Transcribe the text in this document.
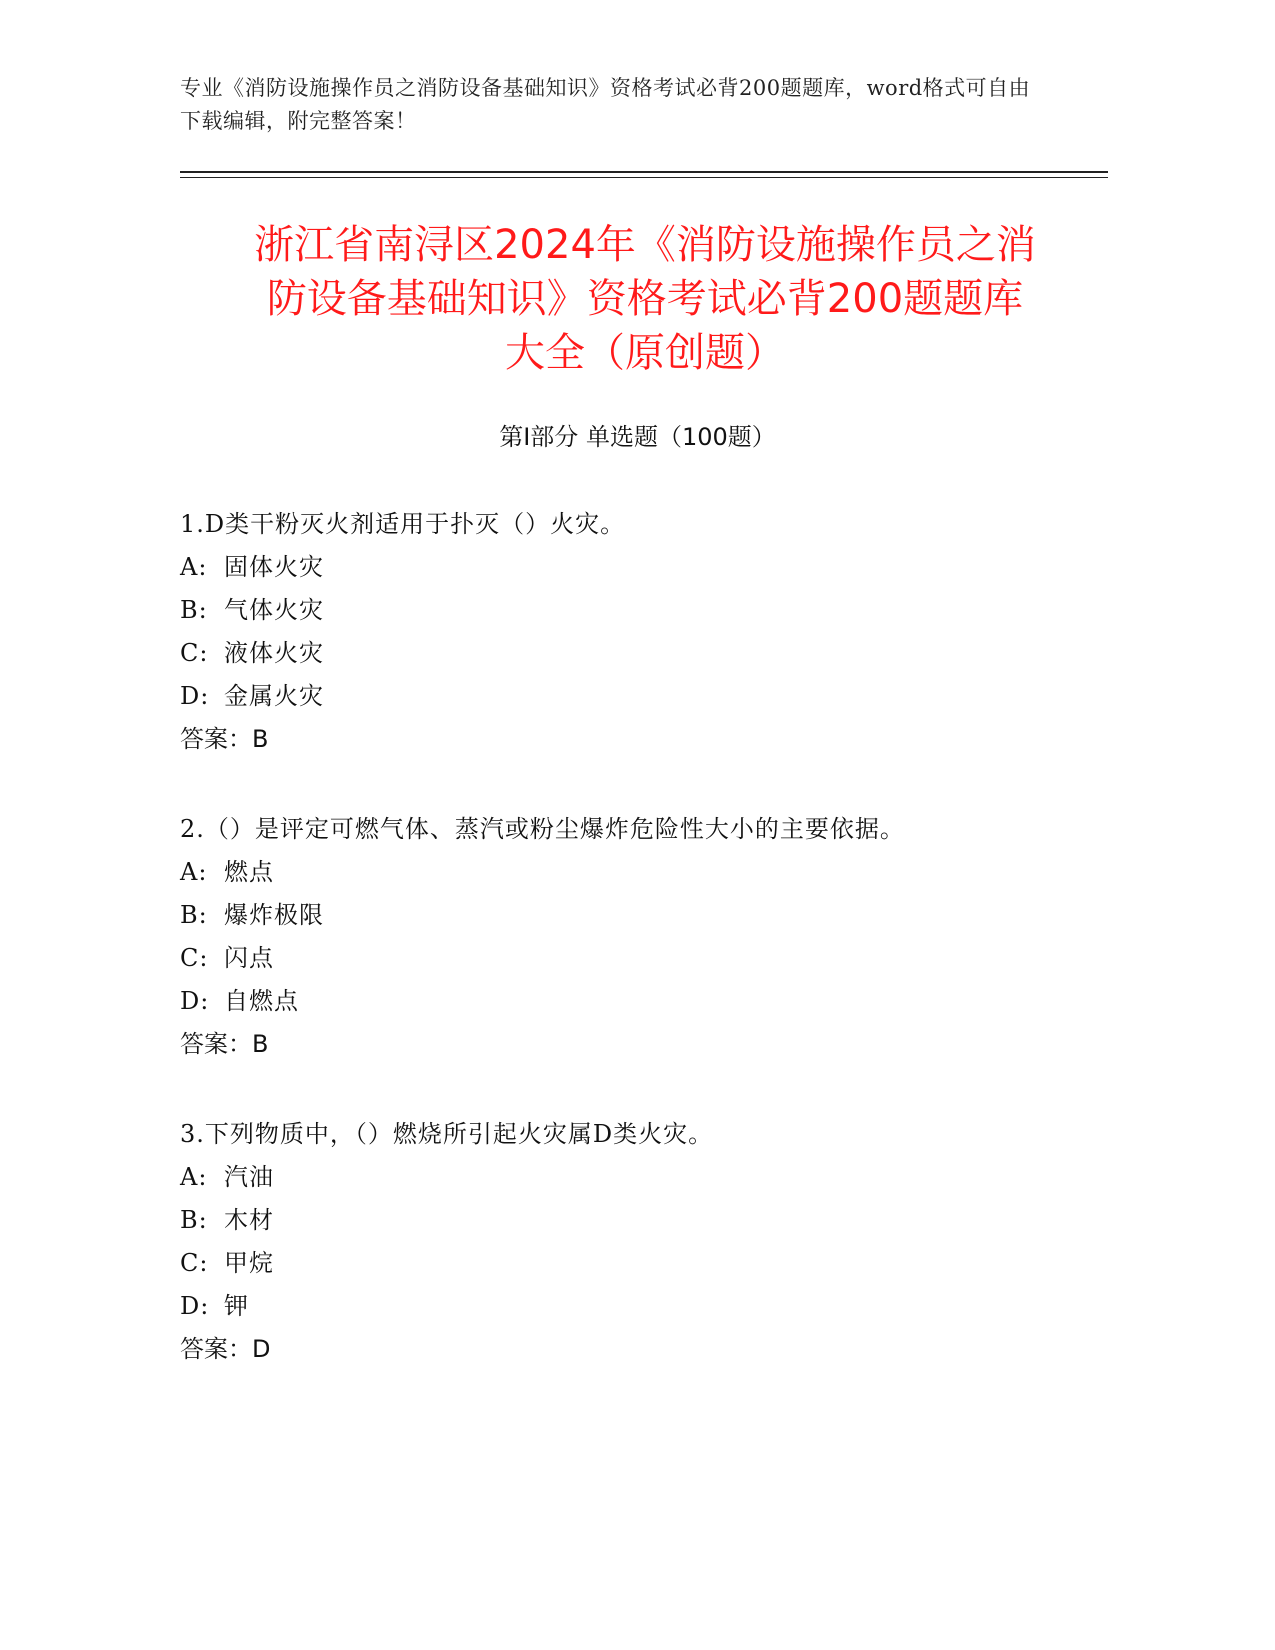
专业《消防设施操作员之消防设备基础知识》资格考试必背200题题库，word格式可自由下载编辑，附完整答案！
浙江省南浔区2024年《消防设施操作员之消
防设备基础知识》资格考试必背200题题库
大全（原创题）
第Ⅰ部分 单选题（100题）
1.D类干粉灭火剂适用于扑灭（）火灾。
A: 固体火灾
B: 气体火灾
C: 液体火灾
D: 金属火灾
答案：B
2.（）是评定可燃气体、蒸汽或粉尘爆炸危险性大小的主要依据。
A: 燃点
B: 爆炸极限
C: 闪点
D: 自燃点
答案：B
3.下列物质中，（）燃烧所引起火灾属D类火灾。
A: 汽油
B: 木材
C: 甲烷
D: 钾
答案：D
